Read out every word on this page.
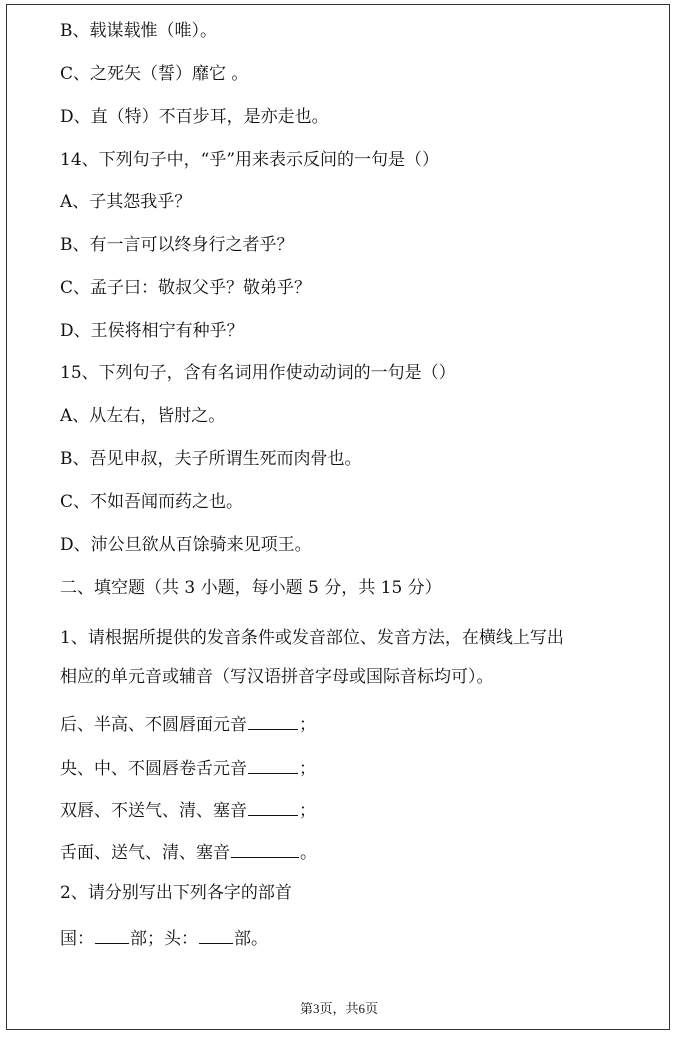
B、载谋载惟（唯）。
C、之死矢（誓）靡它 。
D、直（特）不百步耳，是亦走也。
14、下列句子中，“乎”用来表示反问的一句是（）
A、子其怨我乎？
B、有一言可以终身行之者乎？
C、孟子曰：敬叔父乎？敬弟乎？
D、王侯将相宁有种乎？
15、下列句子，含有名词用作使动动词的一句是（）
A、从左右，皆肘之。
B、吾见申叔，夫子所谓生死而肉骨也。
C、不如吾闻而药之也。
D、沛公旦欲从百馀骑来见项王。
二、填空题（共 3 小题，每小题 5 分，共 15 分）
1、请根据所提供的发音条件或发音部位、发音方法，在横线上写出
相应的单元音或辅音（写汉语拼音字母或国际音标均可）。
后、半高、不圆唇面元音	；
央、中、不圆唇卷舌元音	；
双唇、不送气、清、塞音	；
舌面、送气、清、塞音	。
2、请分别写出下列各字的部首
国： 部；头： 部。
第3页，共6页
